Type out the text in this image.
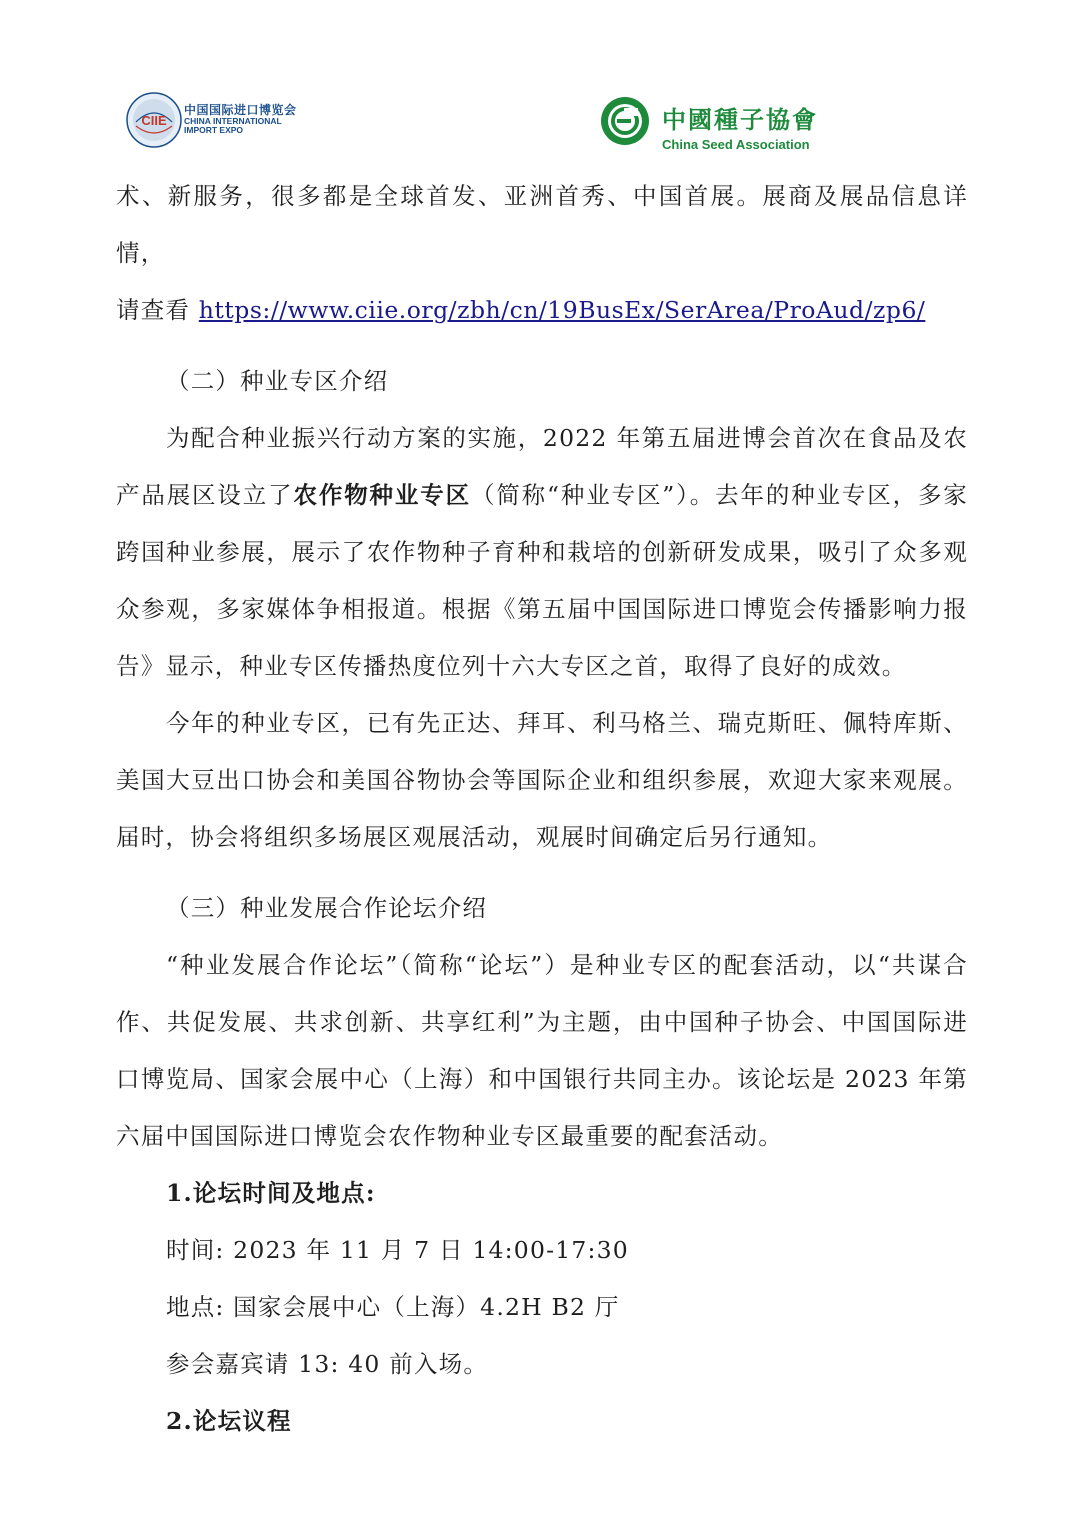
CIIE
中国国际进口博览会
CHINA INTERNATIONAL
IMPORT EXPO	中國種子協會
China Seed Association

术、新服务，很多都是全球首发、亚洲首秀、中国首展。展商及展品信息详情，

请查看 https://www.ciie.org/zbh/cn/19BusEx/SerArea/ProAud/zp6/

（二）种业专区介绍

为配合种业振兴行动方案的实施，2022 年第五届进博会首次在食品及农产品展区设立了农作物种业专区（简称“种业专区”）。去年的种业专区，多家跨国种业参展，展示了农作物种子育种和栽培的创新研发成果，吸引了众多观众参观，多家媒体争相报道。根据《第五届中国国际进口博览会传播影响力报告》显示，种业专区传播热度位列十六大专区之首，取得了良好的成效。

今年的种业专区，已有先正达、拜耳、利马格兰、瑞克斯旺、佩特库斯、美国大豆出口协会和美国谷物协会等国际企业和组织参展，欢迎大家来观展。届时，协会将组织多场展区观展活动，观展时间确定后另行通知。

（三）种业发展合作论坛介绍

“种业发展合作论坛”（简称“论坛”）是种业专区的配套活动，以“共谋合作、共促发展、共求创新、共享红利”为主题，由中国种子协会、中国国际进口博览局、国家会展中心（上海）和中国银行共同主办。该论坛是 2023 年第六届中国国际进口博览会农作物种业专区最重要的配套活动。

1.论坛时间及地点:

时间: 2023 年 11 月 7 日 14:00-17:30

地点: 国家会展中心（上海）4.2H B2 厅

参会嘉宾请 13: 40 前入场。

2.论坛议程
